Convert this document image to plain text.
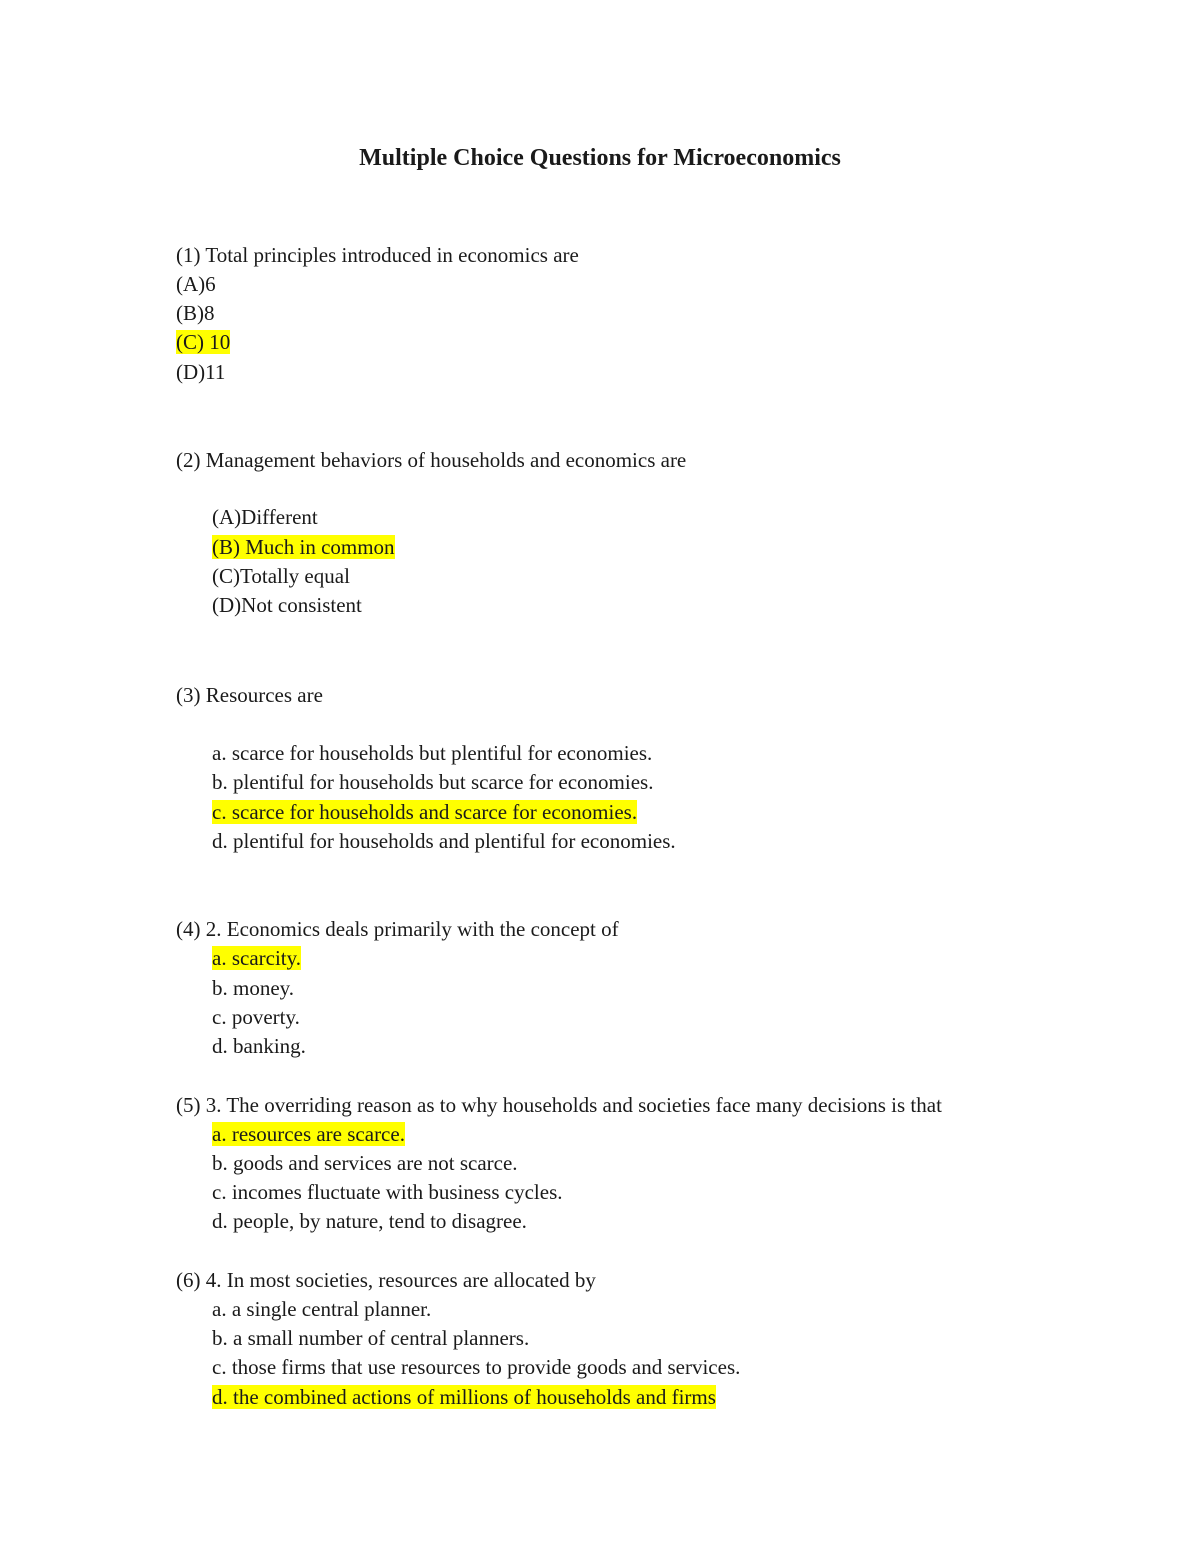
Multiple Choice Questions for Microeconomics
(1) Total principles introduced in economics are
(A)6
(B)8
(C) 10
(D)11
(2) Management behaviors of households and economics are
(A)Different
(B) Much in common
(C)Totally equal
(D)Not consistent
(3) Resources are
a. scarce for households but plentiful for economies.
b. plentiful for households but scarce for economies.
c. scarce for households and scarce for economies.
d. plentiful for households and plentiful for economies.
(4) 2. Economics deals primarily with the concept of
a. scarcity.
b. money.
c. poverty.
d. banking.
(5) 3. The overriding reason as to why households and societies face many decisions is that
a. resources are scarce.
b. goods and services are not scarce.
c. incomes fluctuate with business cycles.
d. people, by nature, tend to disagree.
(6) 4. In most societies, resources are allocated by
a. a single central planner.
b. a small number of central planners.
c. those firms that use resources to provide goods and services.
d. the combined actions of millions of households and firms
